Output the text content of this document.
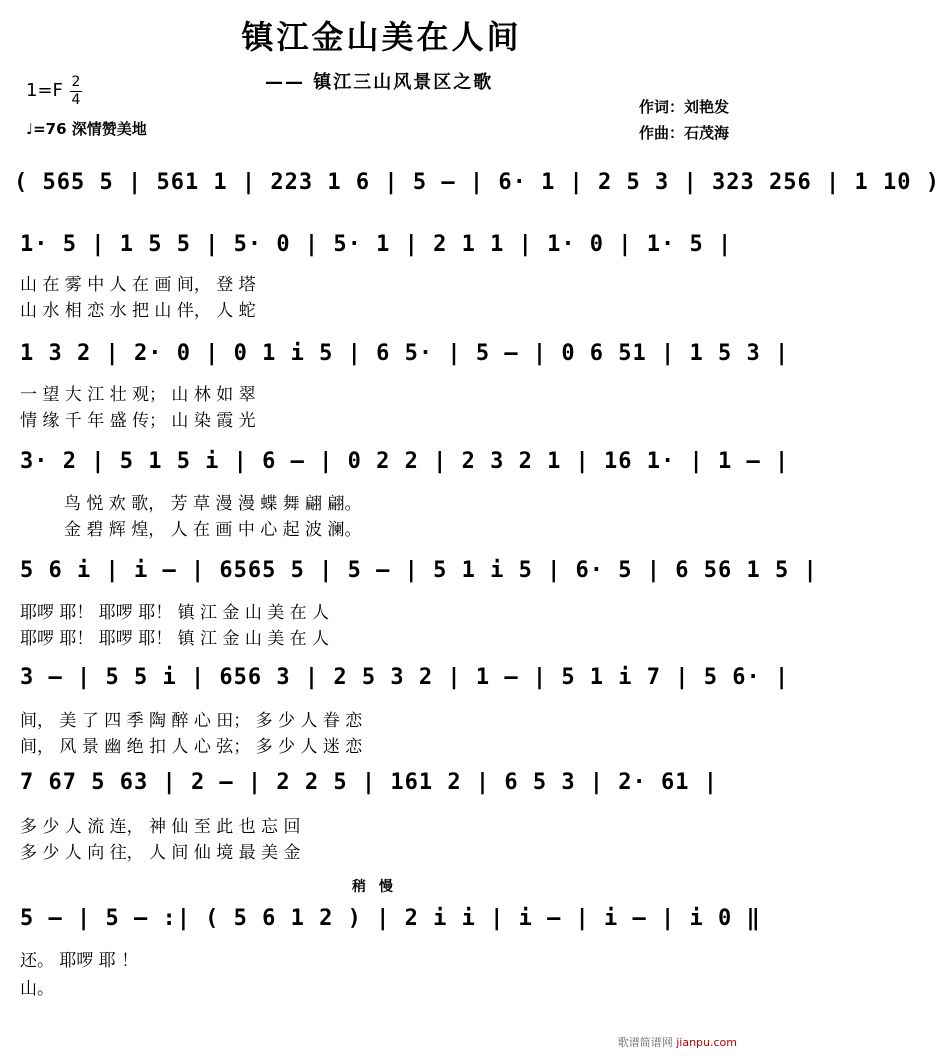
镇江金山美在人间
—— 镇江三山风景区之歌
1=F 2
4
♩=76 深情赞美地
作词：刘艳发
作曲：石茂海
( 565 5 | 561 1 | 223 1 6 | 5 – | 6· 1 | 2 5 3 | 323 256 | 1 10 )
1· 5 | 1 5 5 | 5· 0 | 5· 1 | 2 1 1 | 1· 0 | 1· 5 |
山 在 雾 中 人 在 画 间， 登 塔
山 水 相 恋 水 把 山 伴， 人 蛇
1 3 2 | 2· 0 | 0 1 i 5 | 6 5· | 5 – | 0 6 51 | 1 5 3 |
一 望 大 江 壮 观； 山 林 如 翠
情 缘 千 年 盛 传； 山 染 霞 光
3· 2 | 5 1 5 i | 6 – | 0 2 2 | 2 3 2 1 | 16 1· | 1 – |
鸟 悦 欢 歌， 芳 草 漫 漫 蝶 舞 翩 翩。
金 碧 辉 煌， 人 在 画 中 心 起 波 澜。
5 6 i | i – | 6565 5 | 5 – | 5 1 i 5 | 6· 5 | 6 56 1 5 |
耶啰 耶！ 耶啰 耶！ 镇 江 金 山 美 在 人
耶啰 耶！ 耶啰 耶！ 镇 江 金 山 美 在 人
3 – | 5 5 i | 656 3 | 2 5 3 2 | 1 – | 5 1 i 7 | 5 6· |
间， 美 了 四 季 陶 醉 心 田； 多 少 人 眷 恋
间， 风 景 幽 绝 扣 人 心 弦； 多 少 人 迷 恋
7 67 5 63 | 2 – | 2 2 5 | 161 2 | 6 5 3 | 2· 61 |
多 少 人 流 连， 神 仙 至 此 也 忘 回
多 少 人 向 往， 人 间 仙 境 最 美 金
稍 慢
5 – | 5 – :| ( 5 6 1 2 ) | 2 i i | i – | i – | i 0 ‖
还。 耶啰 耶 ！
山。
歌谱简谱网 jianpu.com
